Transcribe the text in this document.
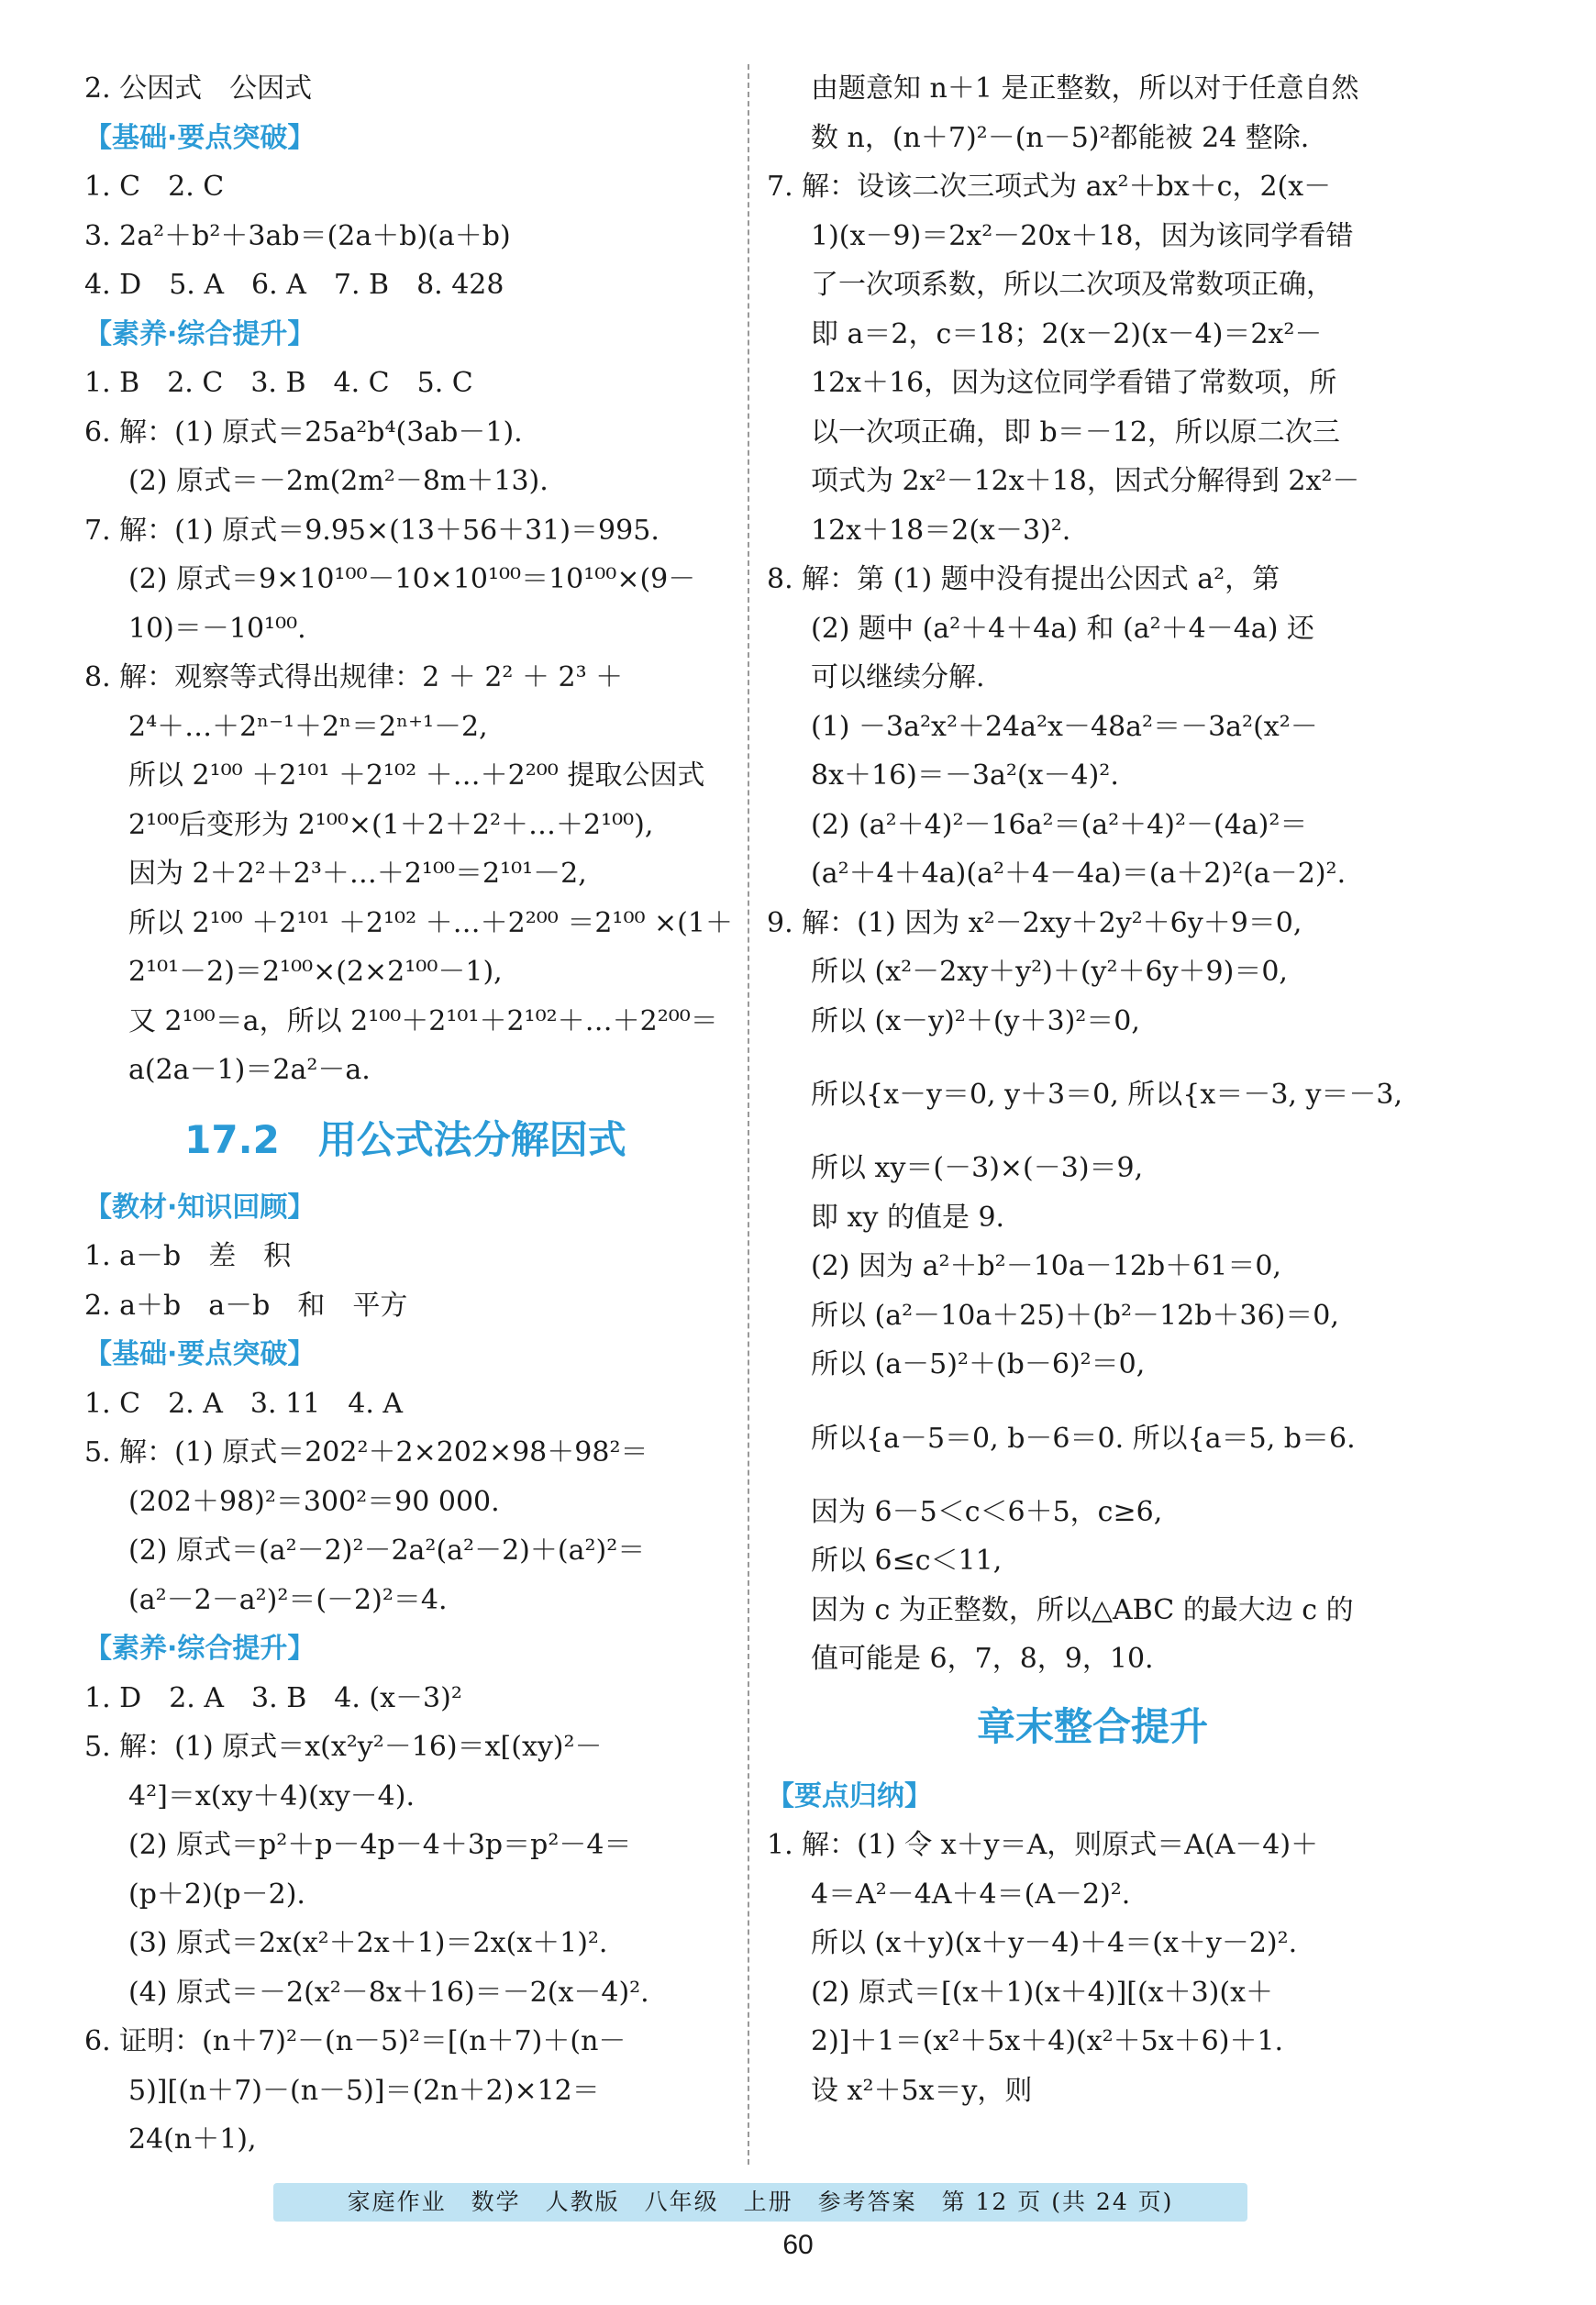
2. 公因式　公因式
【基础·要点突破】
1. C　2. C
3. 2a²＋b²＋3ab＝(2a＋b)(a＋b)
4. D　5. A　6. A　7. B　8. 428
【素养·综合提升】
1. B　2. C　3. B　4. C　5. C
6. 解：(1) 原式＝25a²b⁴(3ab－1).
(2) 原式＝－2m(2m²－8m＋13).
7. 解：(1) 原式＝9.95×(13＋56＋31)＝995.
(2) 原式＝9×10¹⁰⁰－10×10¹⁰⁰＝10¹⁰⁰×(9－
10)＝－10¹⁰⁰.
8. 解：观察等式得出规律：2 ＋ 2² ＋ 2³ ＋
2⁴＋…＋2ⁿ⁻¹＋2ⁿ＝2ⁿ⁺¹－2,
所以 2¹⁰⁰ ＋2¹⁰¹ ＋2¹⁰² ＋…＋2²⁰⁰ 提取公因式
2¹⁰⁰后变形为 2¹⁰⁰×(1＋2＋2²＋…＋2¹⁰⁰),
因为 2＋2²＋2³＋…＋2¹⁰⁰＝2¹⁰¹－2,
所以 2¹⁰⁰ ＋2¹⁰¹ ＋2¹⁰² ＋…＋2²⁰⁰ ＝2¹⁰⁰ ×(1＋
2¹⁰¹－2)＝2¹⁰⁰×(2×2¹⁰⁰－1),
又 2¹⁰⁰＝a，所以 2¹⁰⁰＋2¹⁰¹＋2¹⁰²＋…＋2²⁰⁰＝
a(2a－1)＝2a²－a.
17.2　用公式法分解因式
【教材·知识回顾】
1. a－b　差　积
2. a＋b　a－b　和　平方
【基础·要点突破】
1. C　2. A　3. 11　4. A
5. 解：(1) 原式＝202²＋2×202×98＋98²＝
(202＋98)²＝300²＝90 000.
(2) 原式＝(a²－2)²－2a²(a²－2)＋(a²)²＝
(a²－2－a²)²＝(－2)²＝4.
【素养·综合提升】
1. D　2. A　3. B　4. (x－3)²
5. 解：(1) 原式＝x(x²y²－16)＝x[(xy)²－
4²]＝x(xy＋4)(xy－4).
(2) 原式＝p²＋p－4p－4＋3p＝p²－4＝
(p＋2)(p－2).
(3) 原式＝2x(x²＋2x＋1)＝2x(x＋1)².
(4) 原式＝－2(x²－8x＋16)＝－2(x－4)².
6. 证明：(n＋7)²－(n－5)²＝[(n＋7)＋(n－
5)][(n＋7)－(n－5)]＝(2n＋2)×12＝
24(n＋1),
由题意知 n＋1 是正整数，所以对于任意自然
数 n，(n＋7)²－(n－5)²都能被 24 整除.
7. 解：设该二次三项式为 ax²＋bx＋c，2(x－
1)(x－9)＝2x²－20x＋18，因为该同学看错
了一次项系数，所以二次项及常数项正确，
即 a＝2，c＝18；2(x－2)(x－4)＝2x²－
12x＋16，因为这位同学看错了常数项，所
以一次项正确，即 b＝－12，所以原二次三
项式为 2x²－12x＋18，因式分解得到 2x²－
12x＋18＝2(x－3)².
8. 解：第 (1) 题中没有提出公因式 a²，第
(2) 题中 (a²＋4＋4a) 和 (a²＋4－4a) 还
可以继续分解.
(1) －3a²x²＋24a²x－48a²＝－3a²(x²－
8x＋16)＝－3a²(x－4)².
(2) (a²＋4)²－16a²＝(a²＋4)²－(4a)²＝
(a²＋4＋4a)(a²＋4－4a)＝(a＋2)²(a－2)².
9. 解：(1) 因为 x²－2xy＋2y²＋6y＋9＝0,
所以 (x²－2xy＋y²)＋(y²＋6y＋9)＝0,
所以 (x－y)²＋(y＋3)²＝0,
所以{x－y＝0, y＋3＝0, 所以{x＝－3, y＝－3,
所以 xy＝(－3)×(－3)＝9,
即 xy 的值是 9.
(2) 因为 a²＋b²－10a－12b＋61＝0,
所以 (a²－10a＋25)＋(b²－12b＋36)＝0,
所以 (a－5)²＋(b－6)²＝0,
所以{a－5＝0, b－6＝0. 所以{a＝5, b＝6.
因为 6－5＜c＜6＋5，c≥6,
所以 6≤c＜11,
因为 c 为正整数，所以△ABC 的最大边 c 的
值可能是 6，7，8，9，10.
章末整合提升
【要点归纳】
1. 解：(1) 令 x＋y＝A，则原式＝A(A－4)＋
4＝A²－4A＋4＝(A－2)².
所以 (x＋y)(x＋y－4)＋4＝(x＋y－2)².
(2) 原式＝[(x＋1)(x＋4)][(x＋3)(x＋
2)]＋1＝(x²＋5x＋4)(x²＋5x＋6)＋1.
设 x²＋5x＝y，则
家庭作业　数学　人教版　八年级　上册　参考答案　第 12 页 (共 24 页)
60
